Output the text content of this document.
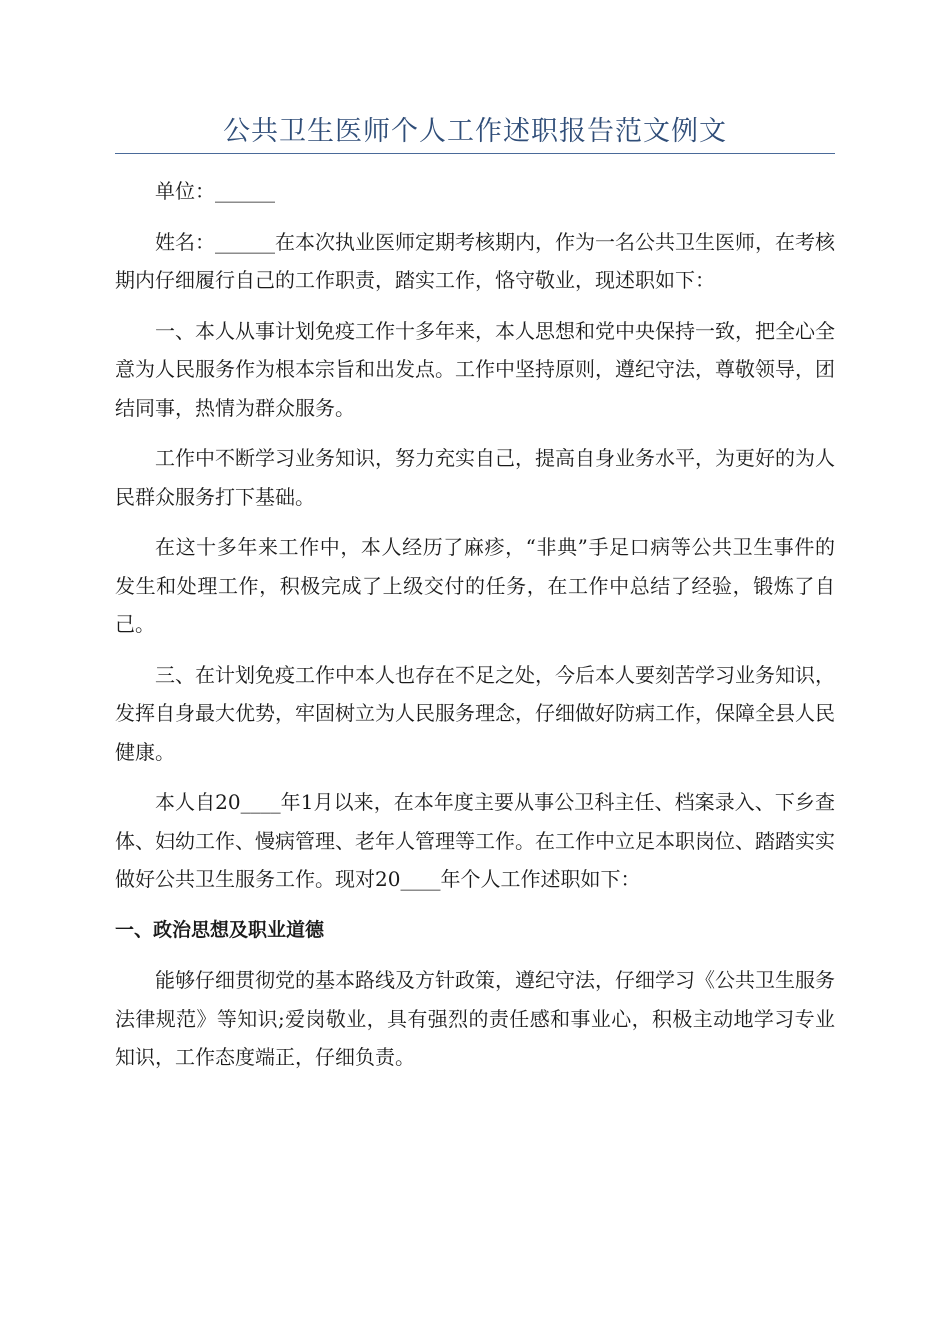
公共卫生医师个人工作述职报告范文例文

单位：______

姓名：______在本次执业医师定期考核期内，作为一名公共卫生医师，在考核期内仔细履行自己的工作职责，踏实工作，恪守敬业，现述职如下：

一、本人从事计划免疫工作十多年来，本人思想和党中央保持一致，把全心全意为人民服务作为根本宗旨和出发点。工作中坚持原则，遵纪守法，尊敬领导，团结同事，热情为群众服务。

工作中不断学习业务知识，努力充实自己，提高自身业务水平，为更好的为人民群众服务打下基础。

在这十多年来工作中，本人经历了麻疹，“非典”手足口病等公共卫生事件的发生和处理工作，积极完成了上级交付的任务，在工作中总结了经验，锻炼了自己。

三、在计划免疫工作中本人也存在不足之处，今后本人要刻苦学习业务知识，发挥自身最大优势，牢固树立为人民服务理念，仔细做好防病工作，保障全县人民健康。

本人自20____年1月以来，在本年度主要从事公卫科主任、档案录入、下乡查体、妇幼工作、慢病管理、老年人管理等工作。在工作中立足本职岗位、踏踏实实做好公共卫生服务工作。现对20____年个人工作述职如下：

一、政治思想及职业道德

能够仔细贯彻党的基本路线及方针政策，遵纪守法，仔细学习《公共卫生服务法律规范》等知识;爱岗敬业，具有强烈的责任感和事业心，积极主动地学习专业知识，工作态度端正，仔细负责。
